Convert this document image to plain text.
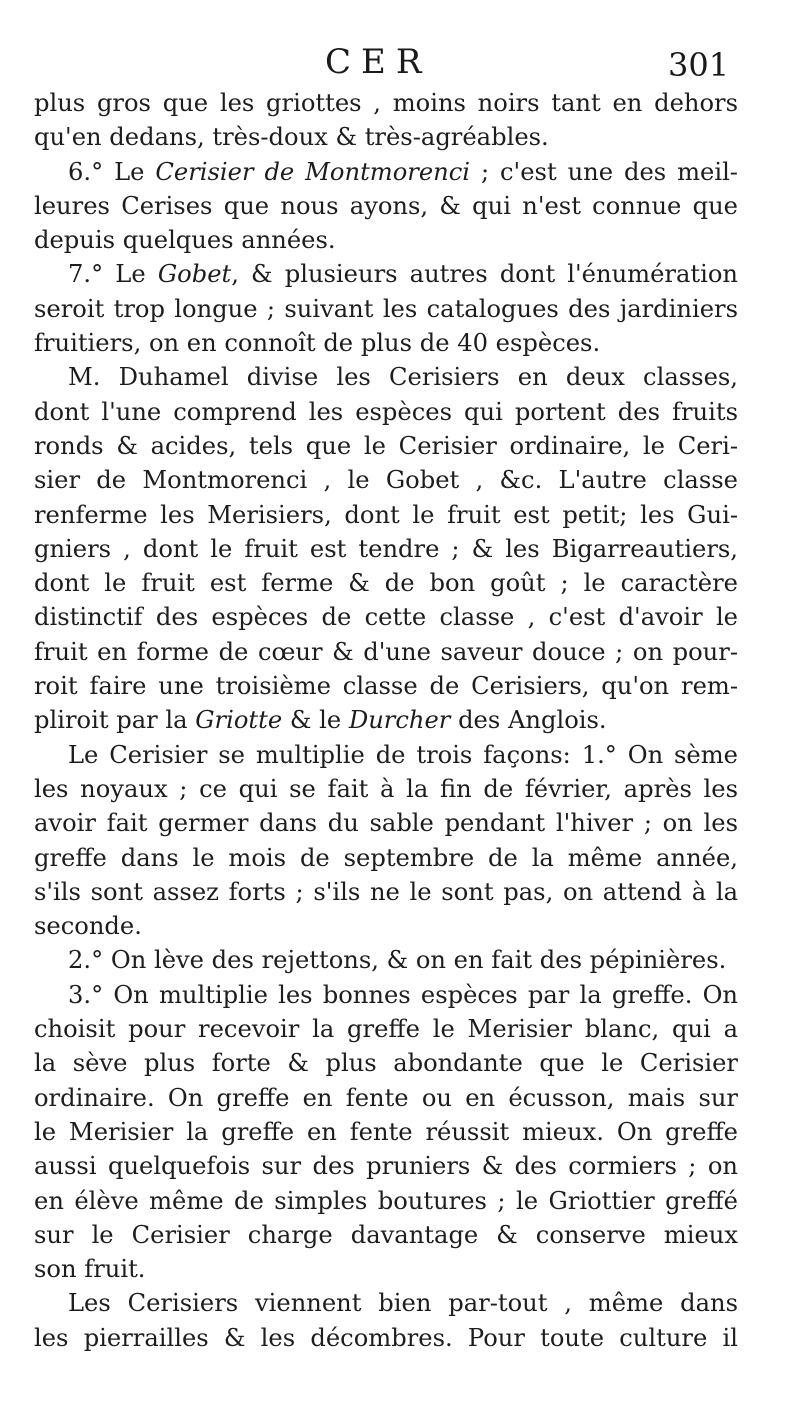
CER	301
plus gros que les griottes , moins noirs tant en dehors
qu'en dedans, très-doux & très-agréables.
6.° Le Cerisier de Montmorenci ; c'est une des meil-
leures Cerises que nous ayons, & qui n'est connue que
depuis quelques années.
7.° Le Gobet, & plusieurs autres dont l'énumération
seroit trop longue ; suivant les catalogues des jardiniers
fruitiers, on en connoît de plus de 40 espèces.
M. Duhamel divise les Cerisiers en deux classes,
dont l'une comprend les espèces qui portent des fruits
ronds & acides, tels que le Cerisier ordinaire, le Ceri-
sier de Montmorenci , le Gobet , &c. L'autre classe
renferme les Merisiers, dont le fruit est petit; les Gui-
gniers , dont le fruit est tendre ; & les Bigarreautiers,
dont le fruit est ferme & de bon goût ; le caractère
distinctif des espèces de cette classe , c'est d'avoir le
fruit en forme de cœur & d'une saveur douce ; on pour-
roit faire une troisième classe de Cerisiers, qu'on rem-
pliroit par la Griotte & le Durcher des Anglois.
Le Cerisier se multiplie de trois façons: 1.° On sème
les noyaux ; ce qui se fait à la fin de février, après les
avoir fait germer dans du sable pendant l'hiver ; on les
greffe dans le mois de septembre de la même année,
s'ils sont assez forts ; s'ils ne le sont pas, on attend à la
seconde.
2.° On lève des rejettons, & on en fait des pépinières.
3.° On multiplie les bonnes espèces par la greffe. On
choisit pour recevoir la greffe le Merisier blanc, qui a
la sève plus forte & plus abondante que le Cerisier
ordinaire. On greffe en fente ou en écusson, mais sur
le Merisier la greffe en fente réussit mieux. On greffe
aussi quelquefois sur des pruniers & des cormiers ; on
en élève même de simples boutures ; le Griottier greffé
sur le Cerisier charge davantage & conserve mieux
son fruit.
Les Cerisiers viennent bien par-tout , même dans
les pierrailles & les décombres. Pour toute culture il
